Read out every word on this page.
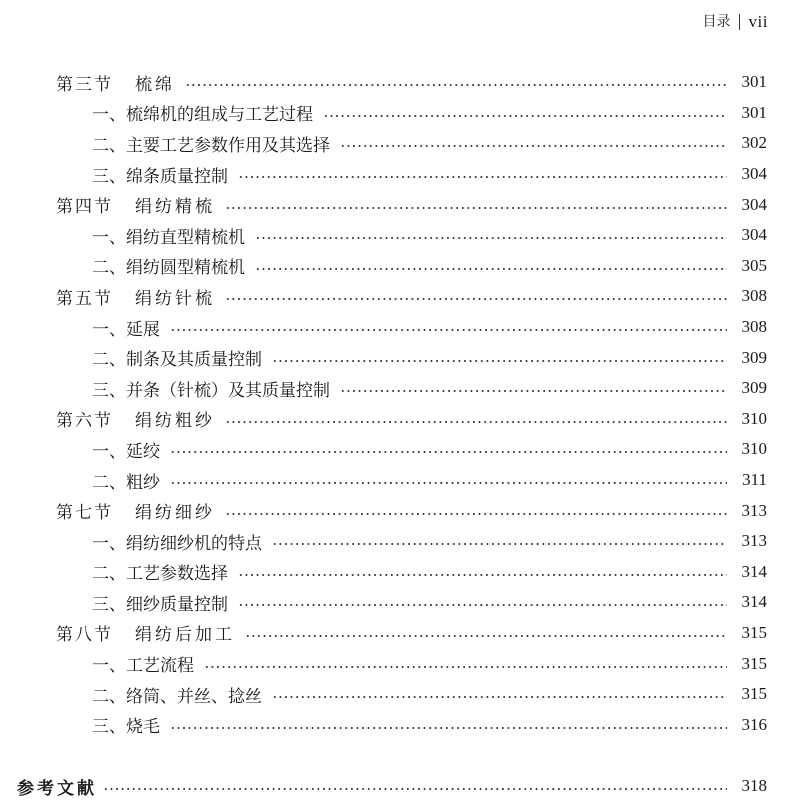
目录 vii
第三节 梳绵	301
一、 梳绵机的组成与工艺过程	301
二、 主要工艺参数作用及其选择	302
三、 绵条质量控制	304
第四节 绢纺精梳	304
一、 绢纺直型精梳机	304
二、 绢纺圆型精梳机	305
第五节 绢纺针梳	308
一、 延展	308
二、 制条及其质量控制	309
三、 并条（针梳）及其质量控制	309
第六节 绢纺粗纱	310
一、 延绞	310
二、 粗纱	311
第七节 绢纺细纱	313
一、 绢纺细纱机的特点	313
二、 工艺参数选择	314
三、 细纱质量控制	314
第八节 绢纺后加工	315
一、 工艺流程	315
二、 络筒、并丝、捻丝	315
三、 烧毛	316
参考文献	318
